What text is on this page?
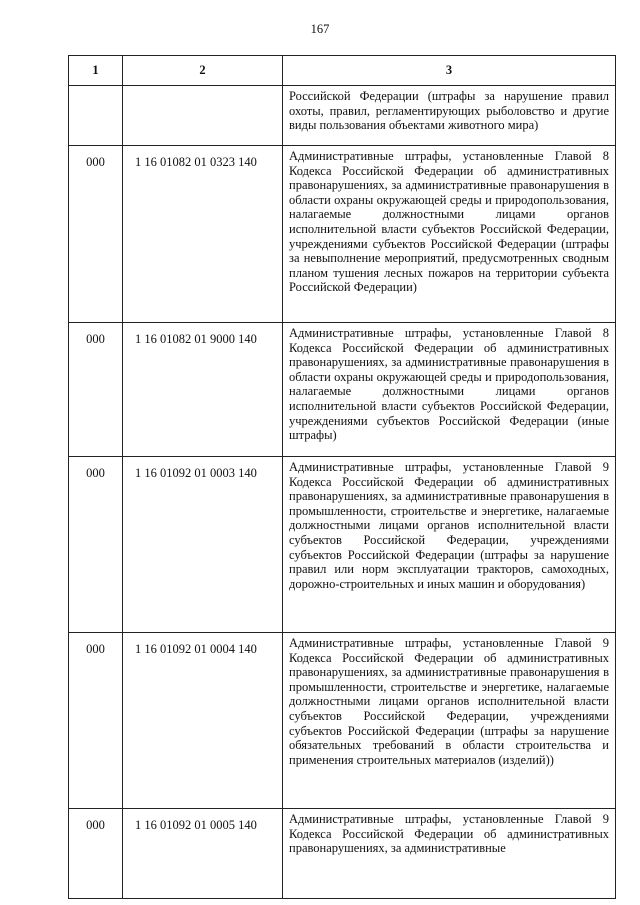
167
1	2	3

		Российской Федерации (штрафы за нарушение правил охоты, правил, регламентирующих рыболовство и другие виды пользования объектами животного мира)

000	1 16 01082 01 0323 140	Административные штрафы, установленные Главой 8 Кодекса Российской Федерации об административных правонарушениях, за административные правонарушения в области охраны окружающей среды и природопользования, налагаемые должностными лицами органов исполнительной власти субъектов Российской Федерации, учреждениями субъектов Российской Федерации (штрафы за невыполнение мероприятий, предусмотренных сводным планом тушения лесных пожаров на территории субъекта Российской Федерации)

000	1 16 01082 01 9000 140	Административные штрафы, установленные Главой 8 Кодекса Российской Федерации об административных правонарушениях, за административные правонарушения в области охраны окружающей среды и природопользования, налагаемые должностными лицами органов исполнительной власти субъектов Российской Федерации, учреждениями субъектов Российской Федерации (иные штрафы)

000	1 16 01092 01 0003 140	Административные штрафы, установленные Главой 9 Кодекса Российской Федерации об административных правонарушениях, за административные правонарушения в промышленности, строительстве и энергетике, налагаемые должностными лицами органов исполнительной власти субъектов Российской Федерации, учреждениями субъектов Российской Федерации (штрафы за нарушение правил или норм эксплуатации тракторов, самоходных, дорожно-строительных и иных машин и оборудования)

000	1 16 01092 01 0004 140	Административные штрафы, установленные Главой 9 Кодекса Российской Федерации об административных правонарушениях, за административные правонарушения в промышленности, строительстве и энергетике, налагаемые должностными лицами органов исполнительной власти субъектов Российской Федерации, учреждениями субъектов Российской Федерации (штрафы за нарушение обязательных требований в области строительства и применения строительных материалов (изделий))

000	1 16 01092 01 0005 140	Административные штрафы, установленные Главой 9 Кодекса Российской Федерации об административных правонарушениях, за административные
